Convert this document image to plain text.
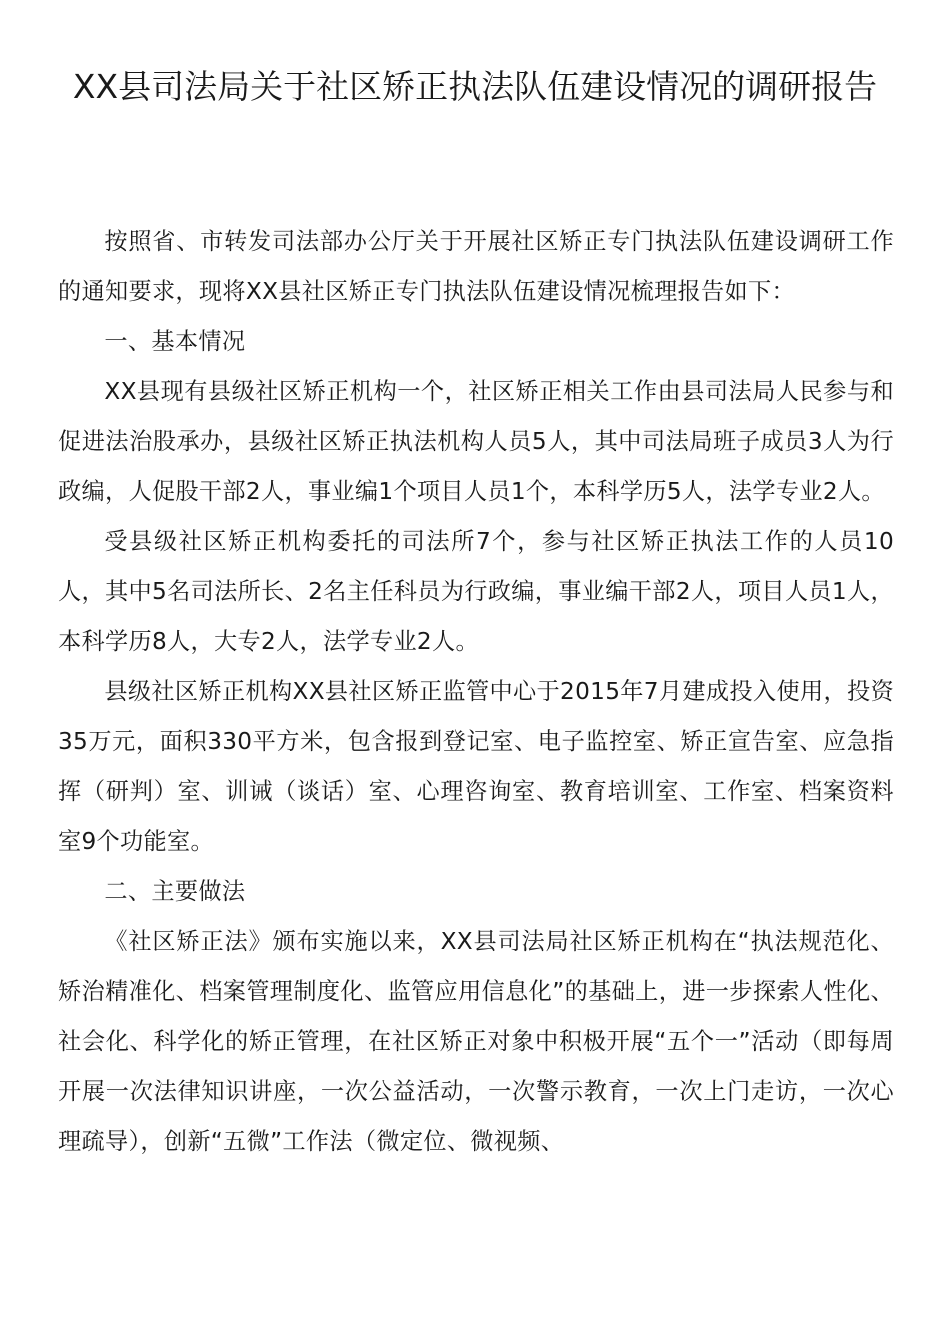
XX县司法局关于社区矫正执法队伍建设情况的调研报告

按照省、市转发司法部办公厅关于开展社区矫正专门执法队伍建设调研工作的通知要求，现将XX县社区矫正专门执法队伍建设情况梳理报告如下：

一、基本情况

XX县现有县级社区矫正机构一个，社区矫正相关工作由县司法局人民参与和促进法治股承办，县级社区矫正执法机构人员5人，其中司法局班子成员3人为行政编，人促股干部2人，事业编1个项目人员1个，本科学历5人，法学专业2人。

受县级社区矫正机构委托的司法所7个，参与社区矫正执法工作的人员10人，其中5名司法所长、2名主任科员为行政编，事业编干部2人，项目人员1人，本科学历8人，大专2人，法学专业2人。

县级社区矫正机构XX县社区矫正监管中心于2015年7月建成投入使用，投资35万元，面积330平方米，包含报到登记室、电子监控室、矫正宣告室、应急指挥（研判）室、训诫（谈话）室、心理咨询室、教育培训室、工作室、档案资料室9个功能室。

二、主要做法

《社区矫正法》颁布实施以来，XX县司法局社区矫正机构在“执法规范化、矫治精准化、档案管理制度化、监管应用信息化”的基础上，进一步探索人性化、社会化、科学化的矫正管理，在社区矫正对象中积极开展“五个一”活动（即每周开展一次法律知识讲座，一次公益活动，一次警示教育，一次上门走访，一次心理疏导），创新“五微”工作法（微定位、微视频、
